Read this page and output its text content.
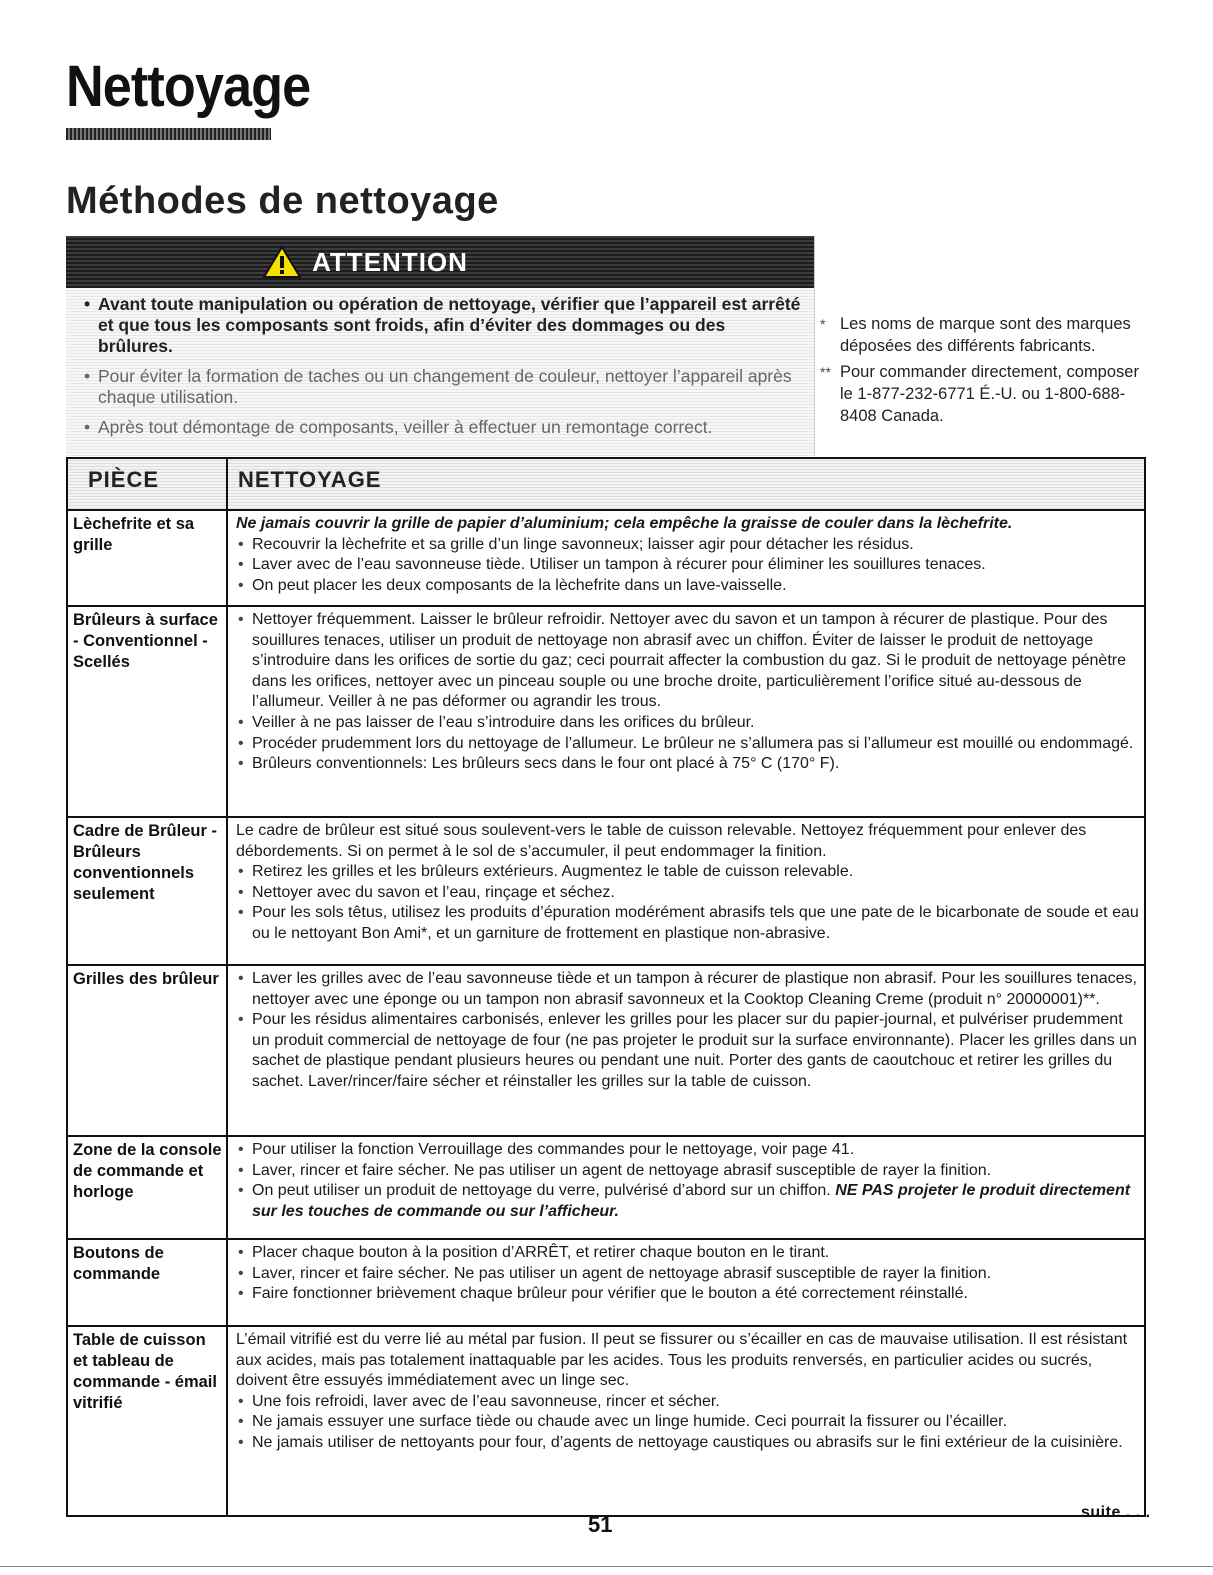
Nettoyage
Méthodes de nettoyage
ATTENTION
• Avant toute manipulation ou opération de nettoyage, vérifier que l’appareil est arrêté et que tous les composants sont froids, afin d’éviter des dommages ou des brûlures.
• Pour éviter la formation de taches ou un changement de couleur, nettoyer l’appareil après chaque utilisation.
• Après tout démontage de composants, veiller à effectuer un remontage correct.
* Les noms de marque sont des marques déposées des différents fabricants.
** Pour commander directement, composer le 1-877-232-6771 É.-U. ou 1-800-688-8408 Canada.
PIÈCE	NETTOYAGE
Lèchefrite et sa grille

Ne jamais couvrir la grille de papier d’aluminium; cela empêche la graisse de couler dans la lèchefrite.

• Recouvrir la lèchefrite et sa grille d’un linge savonneux; laisser agir pour détacher les résidus.
• Laver avec de l’eau savonneuse tiède. Utiliser un tampon à récurer pour éliminer les souillures tenaces.
• On peut placer les deux composants de la lèchefrite dans un lave-vaisselle.
Brûleurs à surface - Conventionnel - Scellés
• Nettoyer fréquemment. Laisser le brûleur refroidir. Nettoyer avec du savon et un tampon à récurer de plastique. Pour des souillures tenaces, utiliser un produit de nettoyage non abrasif avec un chiffon. Éviter de laisser le produit de nettoyage s’introduire dans les orifices de sortie du gaz; ceci pourrait affecter la combustion du gaz. Si le produit de nettoyage pénètre dans les orifices, nettoyer avec un pinceau souple ou une broche droite, particulièrement l’orifice situé au-dessous de l’allumeur. Veiller à ne pas déformer ou agrandir les trous.
• Veiller à ne pas laisser de l’eau s’introduire dans les orifices du brûleur.
• Procéder prudemment lors du nettoyage de l’allumeur. Le brûleur ne s’allumera pas si l’allumeur est mouillé ou endommagé.
• Brûleurs conventionnels: Les brûleurs secs dans le four ont placé à 75° C (170° F).
Cadre de Brûleur - Brûleurs conventionnels seulement

Le cadre de brûleur est situé sous soulevent-vers le table de cuisson relevable. Nettoyez fréquemment pour enlever des débordements. Si on permet à le sol de s’accumuler, il peut endommager la finition.

• Retirez les grilles et les brûleurs extérieurs. Augmentez le table de cuisson relevable.
• Nettoyer avec du savon et l’eau, rinçage et séchez.
• Pour les sols têtus, utilisez les produits d’épuration modérément abrasifs tels que une pate de le bicarbonate de soude et eau ou le nettoyant Bon Ami*, et un garniture de frottement en plastique non-abrasive.
Grilles des brûleur
•	Laver les grilles avec de l’eau savonneuse tiède et un tampon à récurer de plastique non abrasif. Pour les souillures tenaces, nettoyer avec une éponge ou un tampon non abrasif savonneux et la Cooktop Cleaning Creme (produit n° 20000001)**.
• Pour les résidus alimentaires carbonisés, enlever les grilles pour les placer sur du papier-journal, et pulvériser prudemment un produit commercial de nettoyage de four (ne pas projeter le produit sur la surface environnante). Placer les grilles dans un sachet de plastique pendant plusieurs heures ou pendant une nuit. Porter des gants de caoutchouc et retirer les grilles du sachet. Laver/rincer/faire sécher et réinstaller les grilles sur la table de cuisson.
Zone de la console de commande et horloge
• Pour utiliser la fonction Verrouillage des commandes pour le nettoyage, voir page 41.
• Laver, rincer et faire sécher. Ne pas utiliser un agent de nettoyage abrasif susceptible de rayer la finition.
• On peut utiliser un produit de nettoyage du verre, pulvérisé d’abord sur un chiffon. NE PAS projeter le produit directement sur les touches de commande ou sur l’afficheur.
Boutons de commande
• Placer chaque bouton à la position d’ARRÊT, et retirer chaque bouton en le tirant.
• Laver, rincer et faire sécher. Ne pas utiliser un agent de nettoyage abrasif susceptible de rayer la finition.
• Faire fonctionner brièvement chaque brûleur pour vérifier que le bouton a été correctement réinstallé.
Table de cuisson et tableau de commande - émail vitrifié

L’émail vitrifié est du verre lié au métal par fusion. Il peut se fissurer ou s’écailler en cas de mauvaise utilisation. Il est résistant aux acides, mais pas totalement inattaquable par les acides. Tous les produits renversés, en particulier acides ou sucrés, doivent être essuyés immédiatement avec un linge sec.

• Une fois refroidi, laver avec de l’eau savonneuse, rincer et sécher.
• Ne jamais essuyer une surface tiède ou chaude avec un linge humide. Ceci pourrait la fissurer ou l’écailler.
• Ne jamais utiliser de nettoyants pour four, d’agents de nettoyage caustiques ou abrasifs sur le fini extérieur de la cuisinière.
51	suite . . .
